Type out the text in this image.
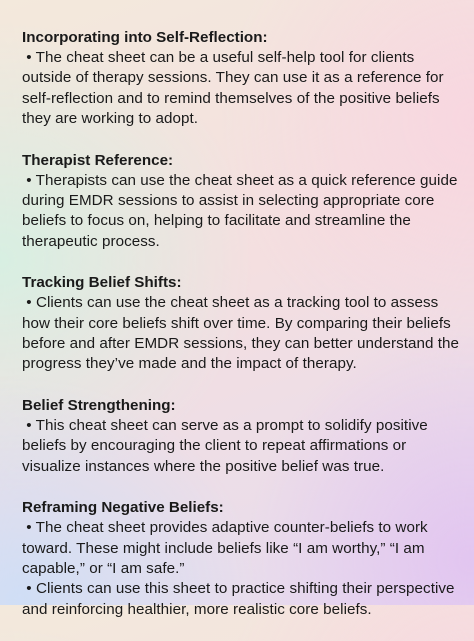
Incorporating into Self-Reflection:

• The cheat sheet can be a useful self-help tool for clients outside of therapy sessions. They can use it as a reference for self-reflection and to remind themselves of the positive beliefs they are working to adopt.

Therapist Reference:

• Therapists can use the cheat sheet as a quick reference guide during EMDR sessions to assist in selecting appropriate core beliefs to focus on, helping to facilitate and streamline the therapeutic process.

Tracking Belief Shifts:

• Clients can use the cheat sheet as a tracking tool to assess how their core beliefs shift over time. By comparing their beliefs before and after EMDR sessions, they can better understand the progress they’ve made and the impact of therapy.

Belief Strengthening:

• This cheat sheet can serve as a prompt to solidify positive beliefs by encouraging the client to repeat affirmations or visualize instances where the positive belief was true.

Reframing Negative Beliefs:

• The cheat sheet provides adaptive counter-beliefs to work toward. These might include beliefs like “I am worthy,” “I am capable,” or “I am safe.”

• Clients can use this sheet to practice shifting their perspective and reinforcing healthier, more realistic core beliefs.
